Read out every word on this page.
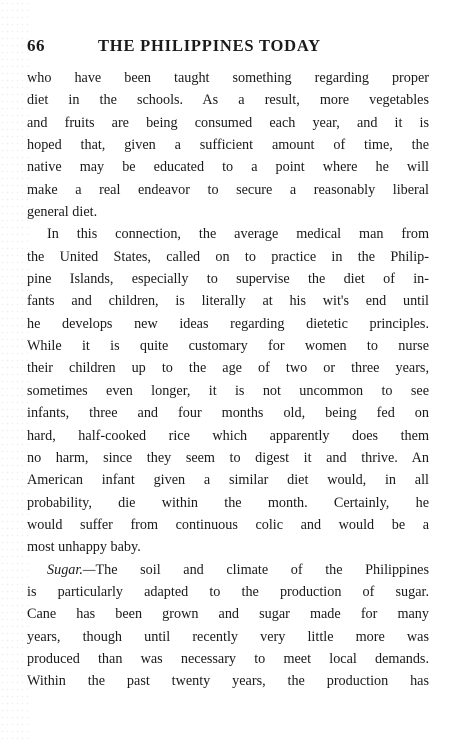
66	THE PHILIPPINES TODAY
who have been taught something regarding proper
diet in the schools. As a result, more vegetables
and fruits are being consumed each year, and it is
hoped that, given a sufficient amount of time, the
native may be educated to a point where he will
make a real endeavor to secure a reasonably liberal
general diet.
In this connection, the average medical man from
the United States, called on to practice in the Philip-
pine Islands, especially to supervise the diet of in-
fants and children, is literally at his wit's end until
he develops new ideas regarding dietetic principles.
While it is quite customary for women to nurse
their children up to the age of two or three years,
sometimes even longer, it is not uncommon to see
infants, three and four months old, being fed on
hard, half-cooked rice which apparently does them
no harm, since they seem to digest it and thrive. An
American infant given a similar diet would, in all
probability, die within the month. Certainly, he
would suffer from continuous colic and would be a
most unhappy baby.
Sugar.—The soil and climate of the Philippines
is particularly adapted to the production of sugar.
Cane has been grown and sugar made for many
years, though until recently very little more was
produced than was necessary to meet local demands.
Within the past twenty years, the production has
